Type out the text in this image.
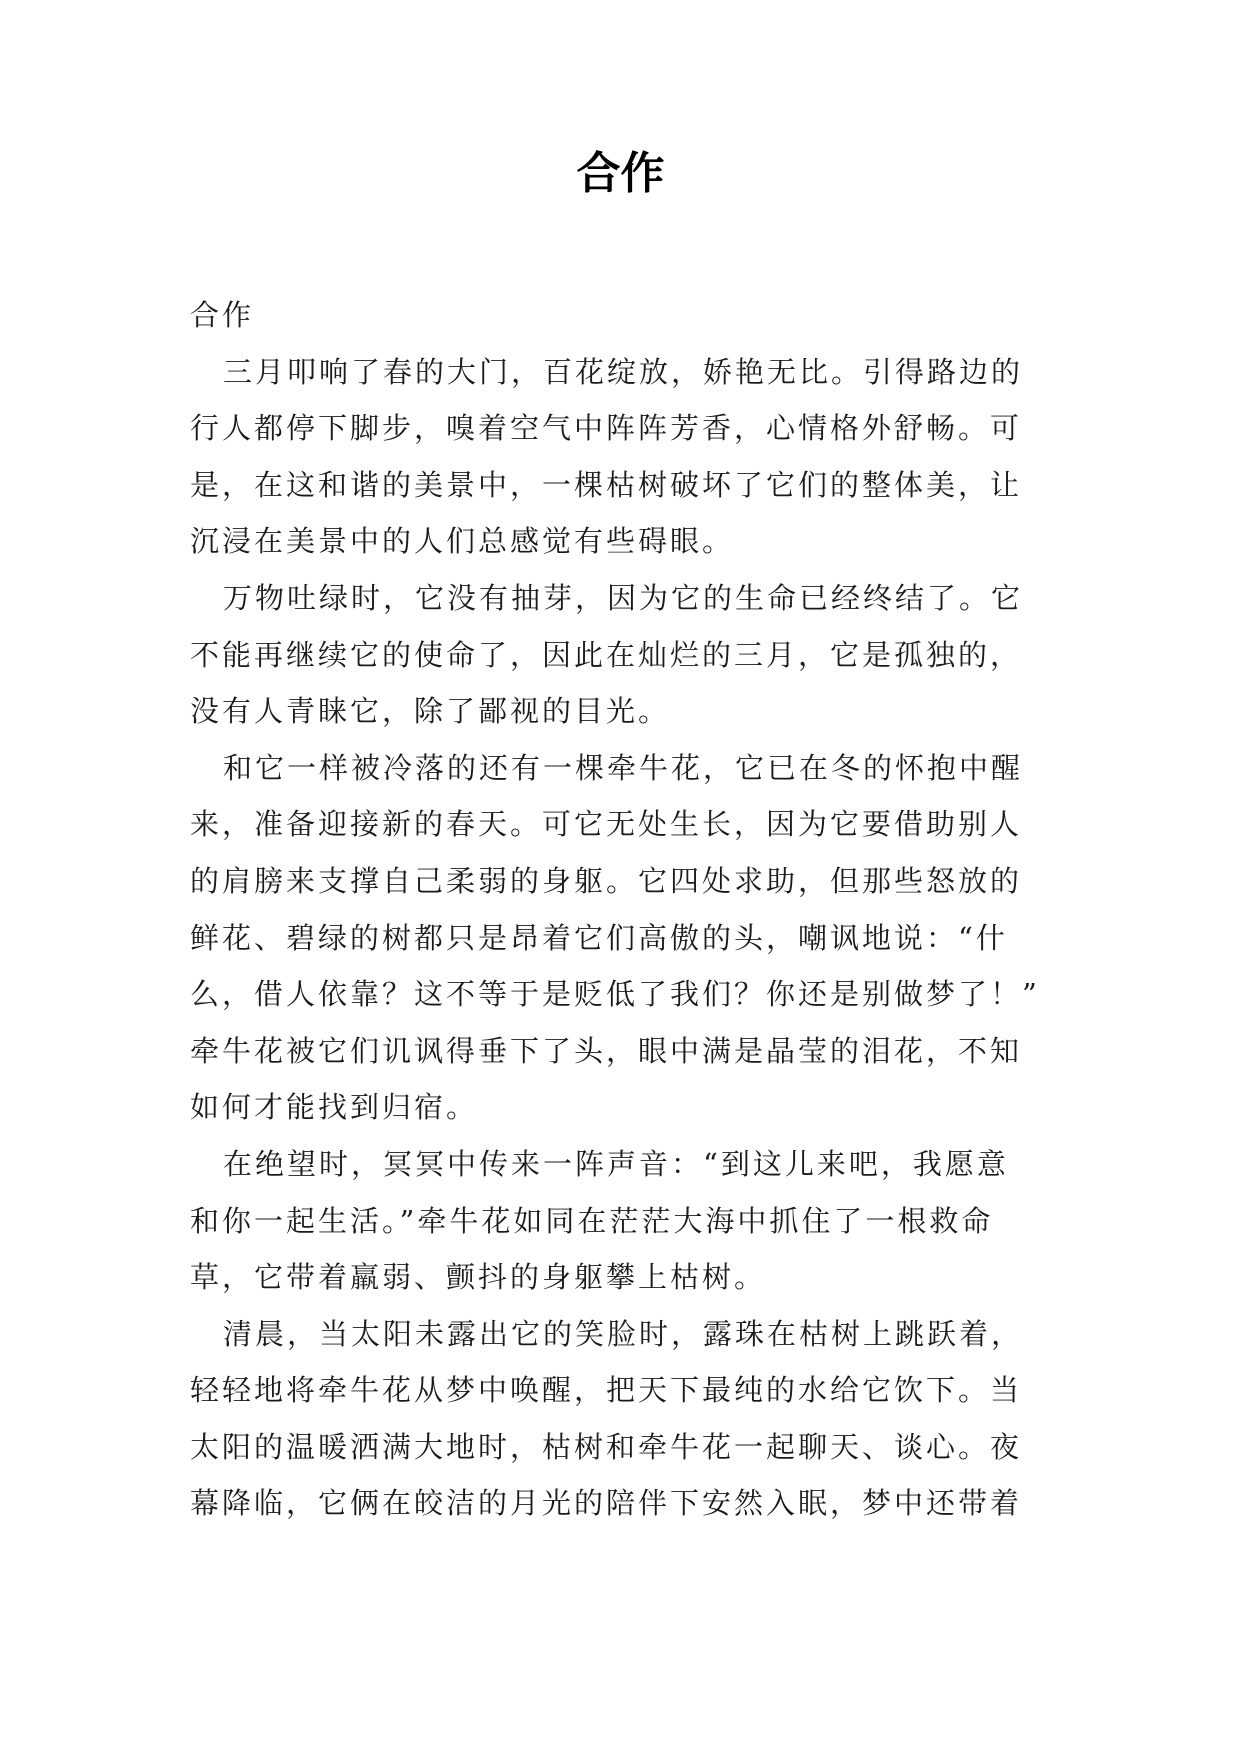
合作

合作

三月叩响了春的大门，百花绽放，娇艳无比。引得路边的
行人都停下脚步，嗅着空气中阵阵芳香，心情格外舒畅。可
是，在这和谐的美景中，一棵枯树破坏了它们的整体美，让
沉浸在美景中的人们总感觉有些碍眼。

万物吐绿时，它没有抽芽，因为它的生命已经终结了。它
不能再继续它的使命了，因此在灿烂的三月，它是孤独的，
没有人青睐它，除了鄙视的目光。

和它一样被冷落的还有一棵牵牛花，它已在冬的怀抱中醒
来，准备迎接新的春天。可它无处生长，因为它要借助别人
的肩膀来支撑自己柔弱的身躯。它四处求助，但那些怒放的
鲜花、碧绿的树都只是昂着它们高傲的头，嘲讽地说：“什
么，借人依靠？这不等于是贬低了我们？你还是别做梦了！”
牵牛花被它们讥讽得垂下了头，眼中满是晶莹的泪花，不知
如何才能找到归宿。

在绝望时，冥冥中传来一阵声音：“到这儿来吧，我愿意
和你一起生活。”牵牛花如同在茫茫大海中抓住了一根救命
草，它带着羸弱、颤抖的身躯攀上枯树。

清晨，当太阳未露出它的笑脸时，露珠在枯树上跳跃着，
轻轻地将牵牛花从梦中唤醒，把天下最纯的水给它饮下。当
太阳的温暖洒满大地时，枯树和牵牛花一起聊天、谈心。夜
幕降临，它俩在皎洁的月光的陪伴下安然入眠，梦中还带着
